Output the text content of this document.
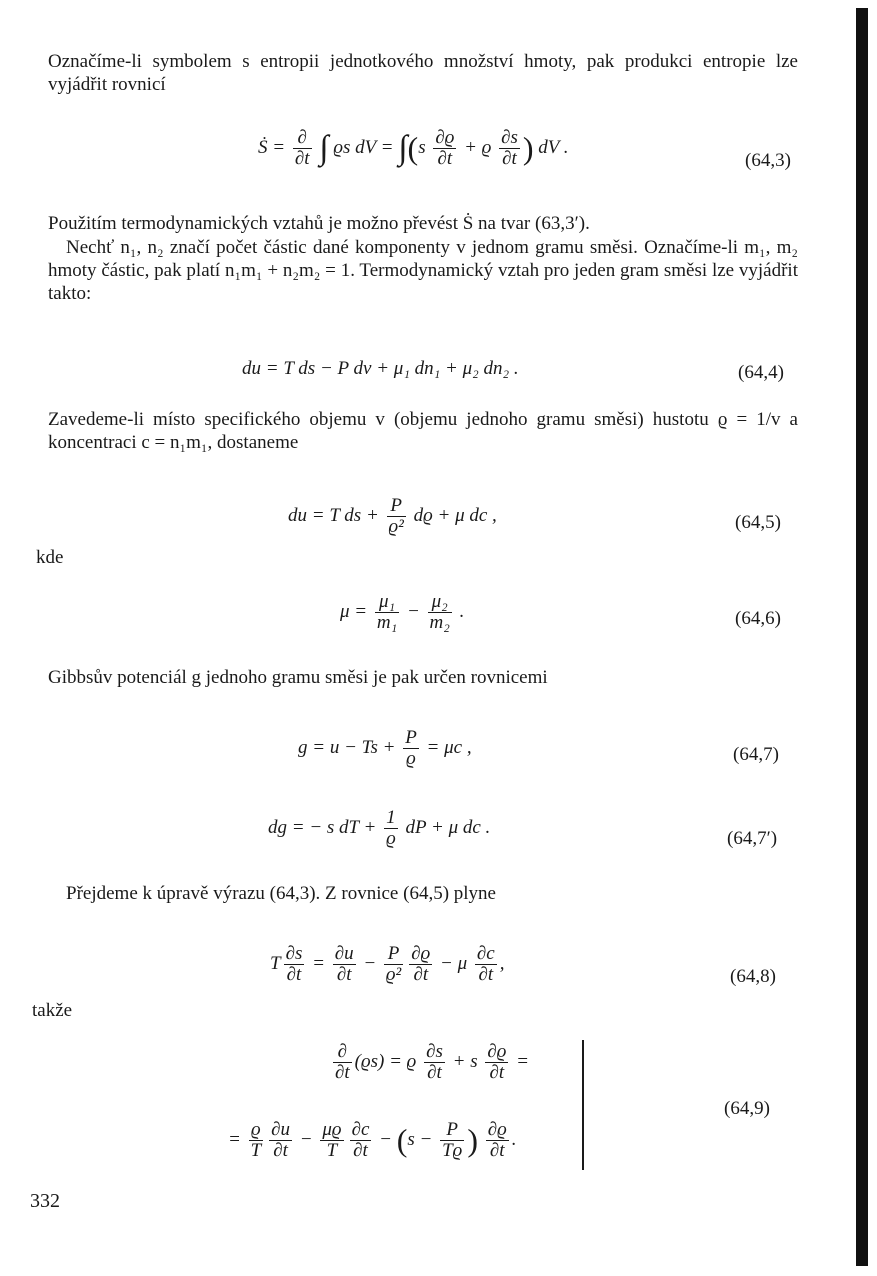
Označíme-li symbolem s entropii jednotkového množství hmoty, pak produkci entropie lze vyjádřit rovnicí
Ṡ = $\frac{\partial}{\partial t}$ ∫ ϱs dV = $\int(s \frac{\partial ϱ}{\partial t} + ϱ \frac{\partial s}{\partial t}$ ) dV .
(64,3)
Použitím termodynamických vztahů je možno převést Ṡ na tvar (63,3′).
Nechť n₁, n₂ značí počet částic dané komponenty v jednom gramu směsi. Označíme-li m₁, m₂ hmoty částic, pak platí n₁m₁ + n₂m₂ = 1. Termodynamický vztah pro jeden gram směsi lze vyjádřit takto:
du = T ds − P dv + μ₁ dn₁ + μ₂ dn₂ .	(64,4)
Zavedeme-li místo specifického objemu v (objemu jednoho gramu směsi) hustotu ϱ = 1/v a koncentraci c = n₁m₁, dostaneme
du = T ds + $\frac{P}{\text{ϱ²}}$ dϱ + μ dc ,	(64,5)
kde
$\mu = \frac{\text{μ₁}}{\text{m₁}} - \frac{\text{μ₂}}{\text{m₂}}$ .	(64,6)
Gibbsův potenciál g jednoho gramu směsi je pak určen rovnicemi
$g = u - Ts + \frac{P}{ϱ} = \mu c$ ,	(64,7)
dg = − s dT + $\frac{1}{ϱ}$ dP + μ dc .
(64,7′)
Přejdeme k úpravě výrazu (64,3). Z rovnice (64,5) plyne
T $\frac{\partial s}{\partial t} = \frac{\partial u}{\partial t} - \frac{P}{\text{ϱ²}} \frac{\partial ϱ}{\partial t} - \mu \frac{\partial c}{\partial t}$ ,
(64,8)
takže
$\frac{\partial}{\partial t} (ϱs) = ϱ \frac{\partial s}{\partial t} + s \frac{\partial ϱ}{\partial t}$ =
= $\frac{ϱ}{T} \frac{\partial u}{\partial t} - \frac{\mu ϱ}{T} \frac{\partial c}{\partial t} - (s - \frac{P}{Tϱ}$ ) $\frac{\partial ϱ}{\partial t}$ .
(64,9)
332
